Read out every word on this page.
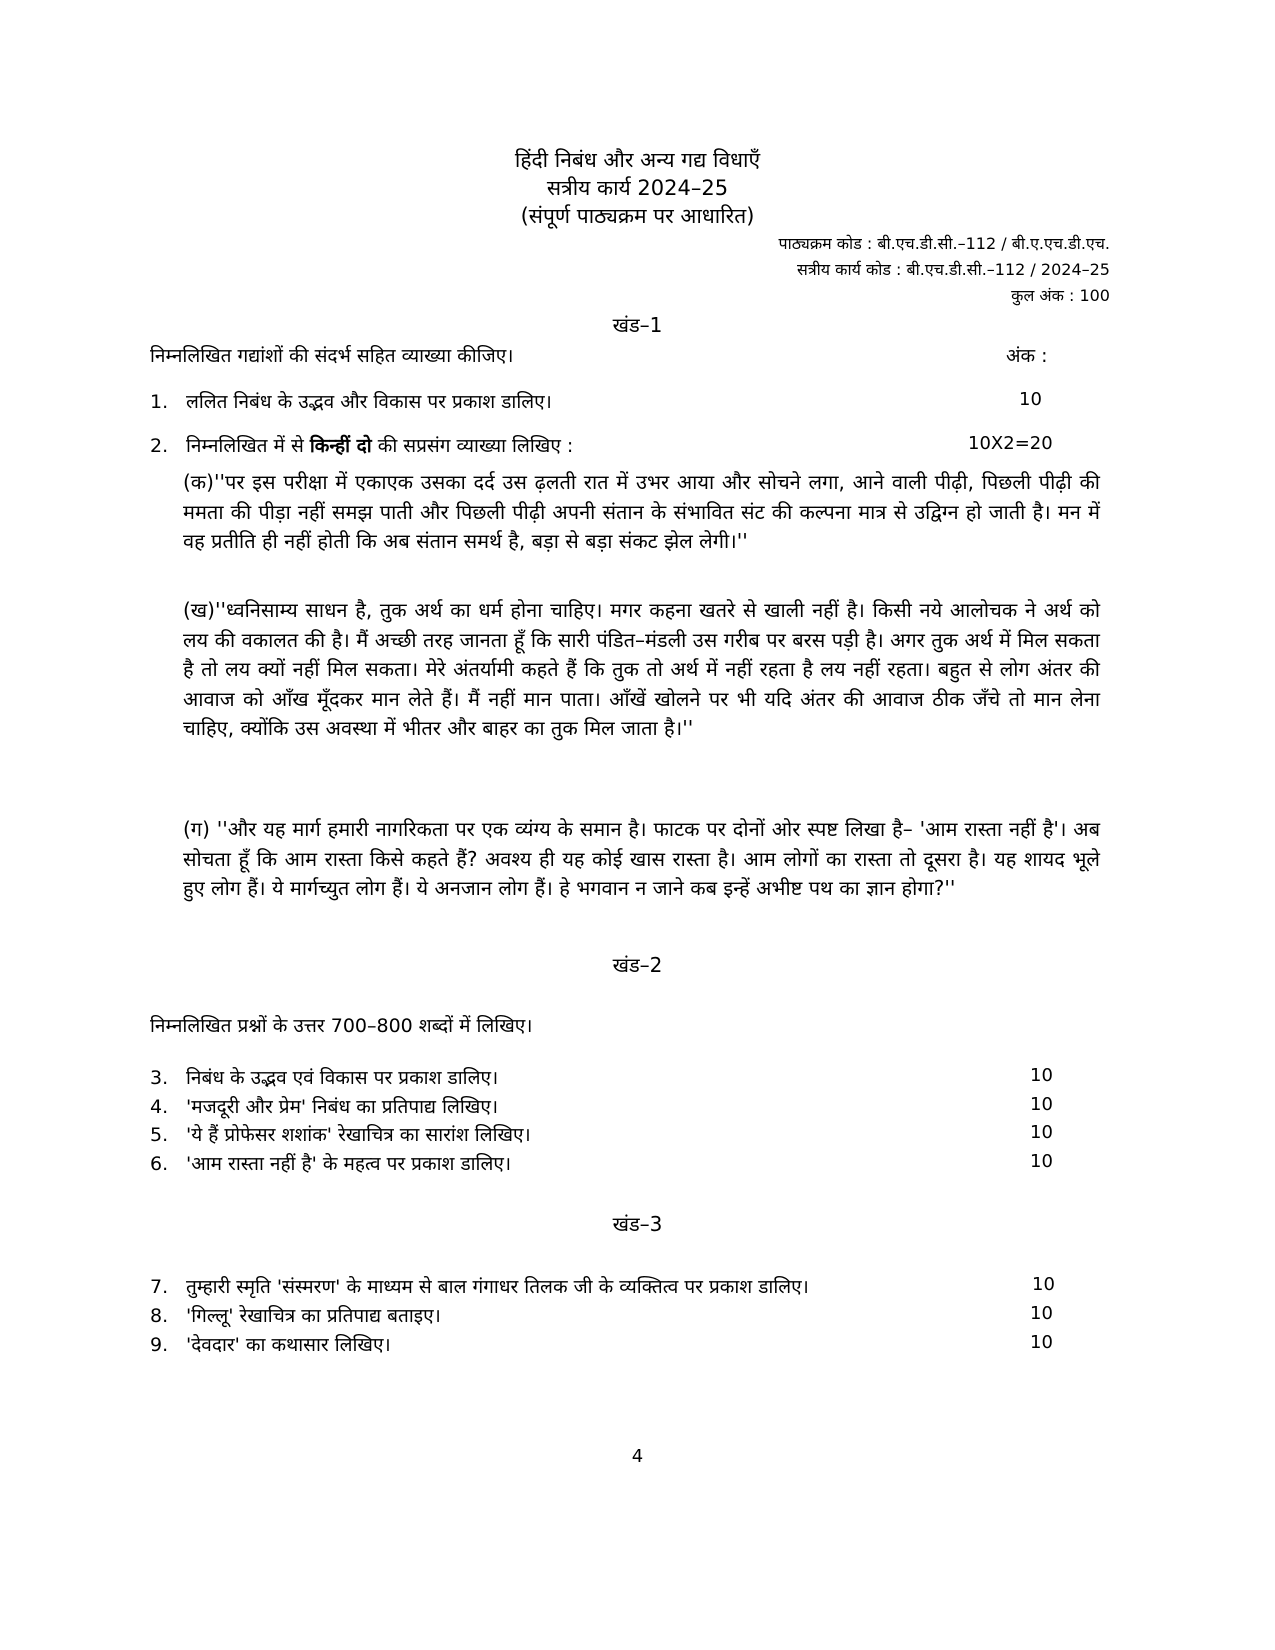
हिंदी निबंध और अन्य गद्य विधाएँ
सत्रीय कार्य 2024–25
(संपूर्ण पाठ्यक्रम पर आधारित)
पाठ्यक्रम कोड : बी.एच.डी.सी.–112 / बी.ए.एच.डी.एच.
सत्रीय कार्य कोड : बी.एच.डी.सी.–112 / 2024–25
कुल अंक : 100
खंड–1
निम्नलिखित गद्यांशों की संदर्भ सहित व्याख्या कीजिए।	अंक :
1. ललित निबंध के उद्भव और विकास पर प्रकाश डालिए।	10
2. निम्नलिखित में से किन्हीं दो की सप्रसंग व्याख्या लिखिए :	10X2=20
(क)''पर इस परीक्षा में एकाएक उसका दर्द उस ढ़लती रात में उभर आया और सोचने लगा, आने वाली पीढ़ी, पिछली पीढ़ी की ममता की पीड़ा नहीं समझ पाती और पिछली पीढ़ी अपनी संतान के संभावित संट की कल्पना मात्र से उद्विग्न हो जाती है। मन में वह प्रतीति ही नहीं होती कि अब संतान समर्थ है, बड़ा से बड़ा संकट झेल लेगी।''
(ख)''ध्वनिसाम्य साधन है, तुक अर्थ का धर्म होना चाहिए। मगर कहना खतरे से खाली नहीं है। किसी नये आलोचक ने अर्थ को लय की वकालत की है। मैं अच्छी तरह जानता हूँ कि सारी पंडित–मंडली उस गरीब पर बरस पड़ी है। अगर तुक अर्थ में मिल सकता है तो लय क्यों नहीं मिल सकता। मेरे अंतर्यामी कहते हैं कि तुक तो अर्थ में नहीं रहता है लय नहीं रहता। बहुत से लोग अंतर की आवाज को आँख मूँदकर मान लेते हैं। मैं नहीं मान पाता। आँखें खोलने पर भी यदि अंतर की आवाज ठीक जँचे तो मान लेना चाहिए, क्योंकि उस अवस्था में भीतर और बाहर का तुक मिल जाता है।''
(ग) ''और यह मार्ग हमारी नागरिकता पर एक व्यंग्य के समान है। फाटक पर दोनों ओर स्पष्ट लिखा है– 'आम रास्ता नहीं है'। अब सोचता हूँ कि आम रास्ता किसे कहते हैं? अवश्य ही यह कोई खास रास्ता है। आम लोगों का रास्ता तो दूसरा है। यह शायद भूले हुए लोग हैं। ये मार्गच्युत लोग हैं। ये अनजान लोग हैं। हे भगवान न जाने कब इन्हें अभीष्ट पथ का ज्ञान होगा?''
खंड–2
निम्नलिखित प्रश्नों के उत्तर 700–800 शब्दों में लिखिए।
3. निबंध के उद्भव एवं विकास पर प्रकाश डालिए।	10
4. 'मजदूरी और प्रेम' निबंध का प्रतिपाद्य लिखिए।	10
5. 'ये हैं प्रोफेसर शशांक' रेखाचित्र का सारांश लिखिए।	10
6. 'आम रास्ता नहीं है' के महत्व पर प्रकाश डालिए।	10
खंड–3
7. तुम्हारी स्मृति 'संस्मरण' के माध्यम से बाल गंगाधर तिलक जी के व्यक्तित्व पर प्रकाश डालिए।	10
8. 'गिल्लू' रेखाचित्र का प्रतिपाद्य बताइए।	10
9. 'देवदार' का कथासार लिखिए।	10
4
